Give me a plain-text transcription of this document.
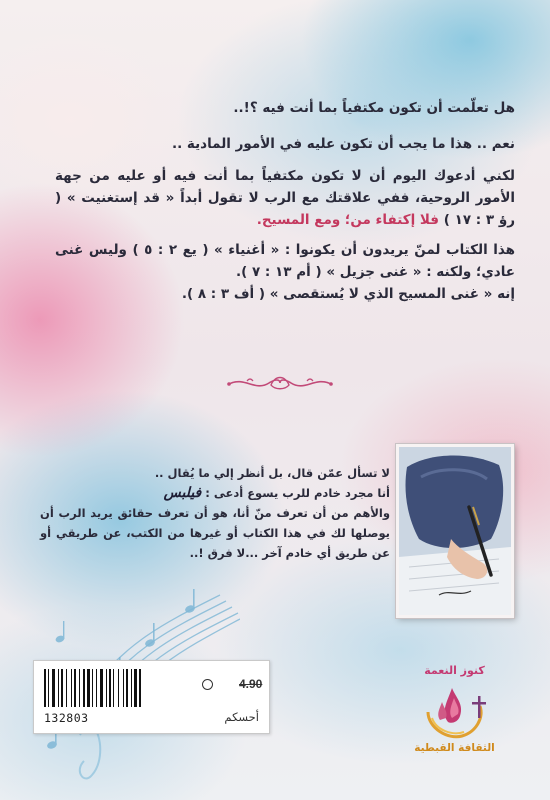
هل تعلّمت أن تكون مكتفياً بما أنت فيه ؟!..

نعم .. هذا ما يجب أن تكون عليه في الأمور المادية ..

لكني أدعوك اليوم أن لا تكون مكتفياً بما أنت فيه أو عليه من جهة الأمور الروحية، ففي علاقتك مع الرب لا تقول أبداً « قد إستغنيت » ( رؤ ٣ : ١٧ ) فلا إكتفاء من؛ ومع المسيح.

هذا الكتاب لمنّ يريدون أن يكونوا : « أغنياء » ( يع ٢ : ٥ ) وليس غنى عادي؛ ولكنه : « غنى جزيل » ( أم ١٣ : ٧ ).
إنه « غنى المسيح الذي لا يُستقصى » ( أف ٣ : ٨ ).

لا تسأل عمّن قال، بل أنظر إلي ما يُقال ..

أنا مجرد خادم للرب يسوع أدعى : فيلبس

والأهم من أن تعرف منّ أنا، هو أن تعرف حقائق يريد الرب أن يوصلها لك في هذا الكتاب أو غيرها من الكتب، عن طريقي أو عن طريق أي خادم آخر ...لا فرق !..

4.90
132803	أحسكم
كنوز النعمة
الثقافة القبطية
